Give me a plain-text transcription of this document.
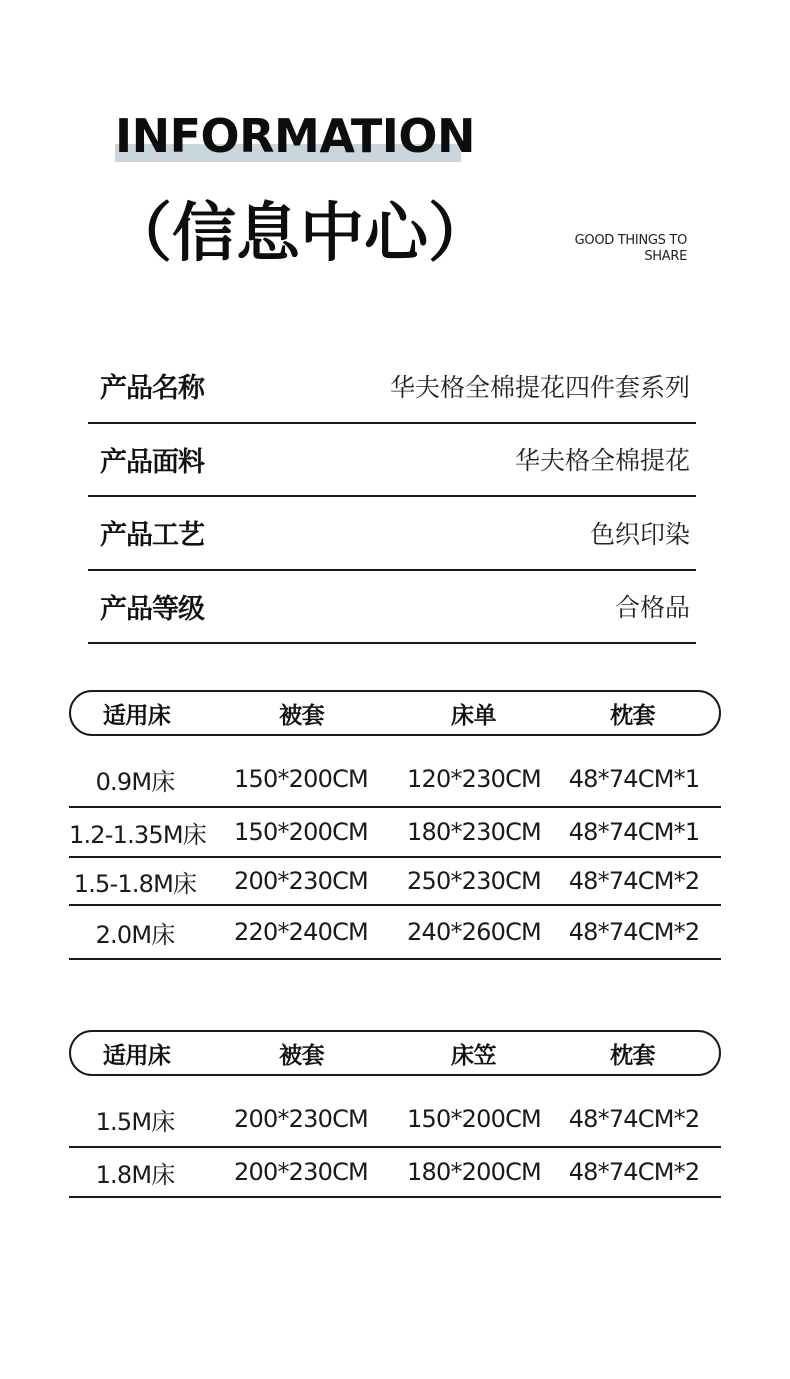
INFORMATION
（信息中心）	GOOD THINGS TO
SHARE
产品名称	华夫格全棉提花四件套系列
产品面料	华夫格全棉提花
产品工艺	色织印染
产品等级	合格品
适用床	被套	床单	枕套
0.9M床	150*200CM	120*230CM	48*74CM*1
1.2-1.35M床	150*200CM	180*230CM	48*74CM*1
1.5-1.8M床	200*230CM	250*230CM	48*74CM*2
2.0M床	220*240CM	240*260CM	48*74CM*2
适用床	被套	床笠	枕套
1.5M床	200*230CM	150*200CM	48*74CM*2
1.8M床	200*230CM	180*200CM	48*74CM*2
